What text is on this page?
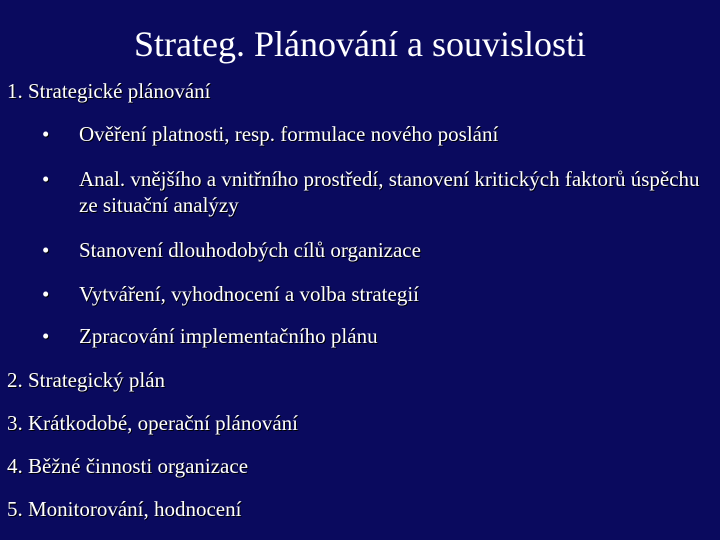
Strateg. Plánování a souvislosti
1. Strategické plánování
• Ověření platnosti, resp. formulace nového poslání
• Anal. vnějšího a vnitřního prostředí, stanovení kritických faktorů úspěchu ze situační analýzy
• Stanovení dlouhodobých cílů organizace
• Vytváření, vyhodnocení a volba strategií
• Zpracování implementačního plánu
2. Strategický plán
3. Krátkodobé, operační plánování
4. Běžné činnosti organizace
5. Monitorování, hodnocení
